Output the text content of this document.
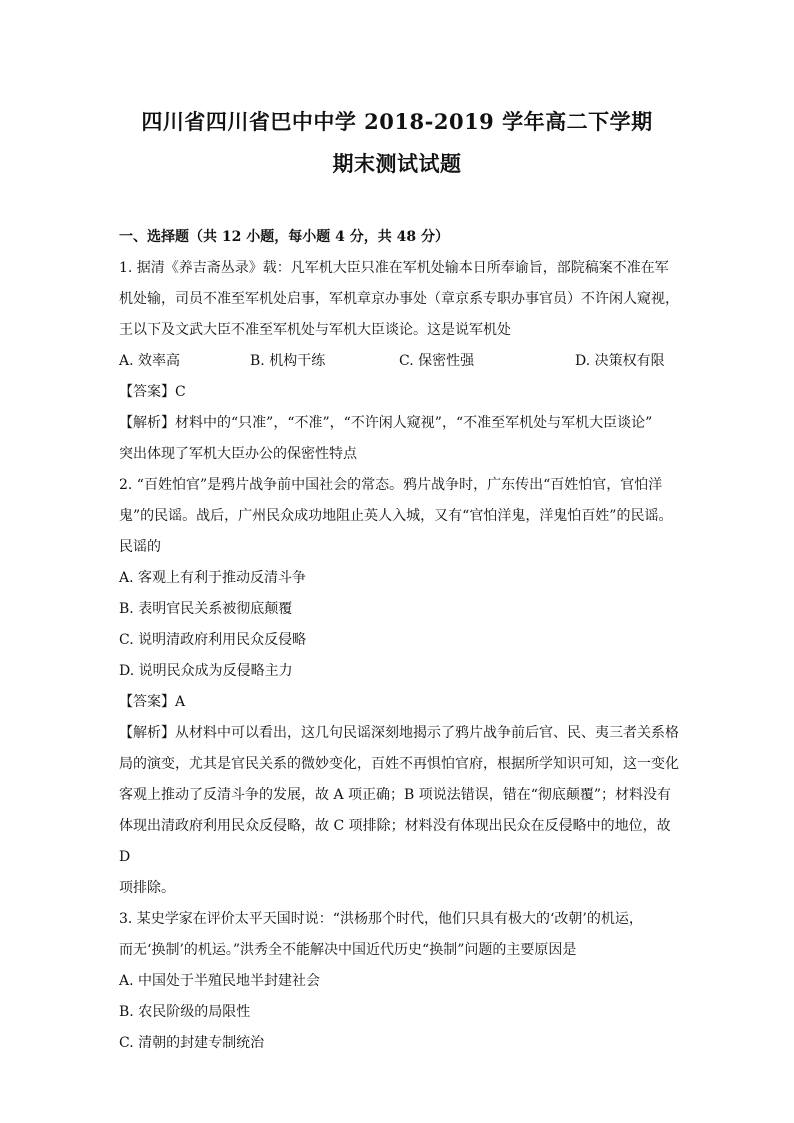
四川省四川省巴中中学 2018-2019 学年高二下学期
期末测试试题

一、选择题（共 12 小题，每小题 4 分，共 48 分）

1. 据清《养吉斋丛录》载：凡军机大臣只准在军机处输本日所奉谕旨，部院稿案不准在军

机处输，司员不准至军机处启事，军机章京办事处（章京系专职办事官员）不许闲人窥视，

王以下及文武大臣不准至军机处与军机大臣谈论。这是说军机处

A. 效率高	B. 机构干练	C. 保密性强	D. 决策权有限

【答案】C

【解析】材料中的“只准”，“不准”，“不许闲人窥视”，“不准至军机处与军机大臣谈论”

突出体现了军机大臣办公的保密性特点

2. “百姓怕官”是鸦片战争前中国社会的常态。鸦片战争时，广东传出“百姓怕官，官怕洋

鬼”的民谣。战后，广州民众成功地阻止英人入城，又有“官怕洋鬼，洋鬼怕百姓”的民谣。

民谣的

A. 客观上有利于推动反清斗争

B. 表明官民关系被彻底颠覆

C. 说明清政府利用民众反侵略

D. 说明民众成为反侵略主力

【答案】A

【解析】从材料中可以看出，这几句民谣深刻地揭示了鸦片战争前后官、民、夷三者关系格

局的演变，尤其是官民关系的微妙变化，百姓不再惧怕官府，根据所学知识可知，这一变化

客观上推动了反清斗争的发展，故 A 项正确；B 项说法错误，错在“彻底颠覆”；材料没有

体现出清政府利用民众反侵略，故 C 项排除；材料没有体现出民众在反侵略中的地位，故 D

项排除。

3. 某史学家在评价太平天国时说：“洪杨那个时代，他们只具有极大的‘改朝’的机运，

而无‘换制’的机运。”洪秀全不能解决中国近代历史“换制”问题的主要原因是

A. 中国处于半殖民地半封建社会

B. 农民阶级的局限性

C. 清朝的封建专制统治
